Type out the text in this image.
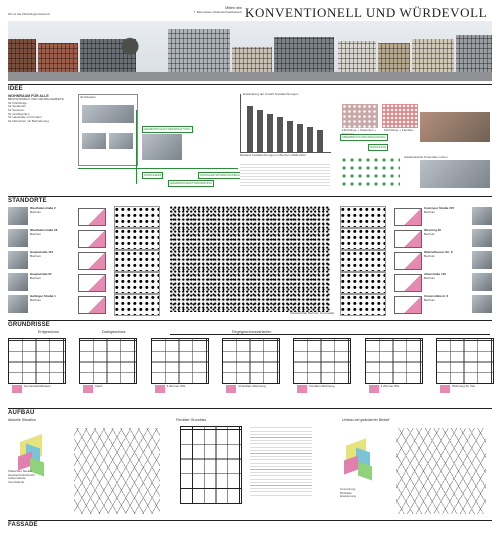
Wo ist die Flüchtlingsunterkunft
Mitten drin
7. Baumeister-Studentenwettbewerb KONVENTIONELL UND WÜRDEVOLL
IDEE
WOHNRAUM FÜR ALLE
BESTANDSBAU UND NEUBAUGEBIETE
für Flüchtlinge
für Studenten
für Senioren
für Großfamilien
für Haushalte mit Kindern
für Menschen mit Behinderung
Ist-Situation
GEMEINSCHAFTSEINRICHTUNG
SOZIALER WOHNUNGSBAU
WOHNHEIM
GEMEINSCHAFTSWOHNUNG
Entwicklung der Anzahl Sozialwohnungen
Bestand Sozialwohnungen in Bochum 2006-2014
ÜBERBRÜCKUNGSWOHNUNG
Flüchtlinge + Studenten + Senioren
Flüchtlinge + Familien
WOHNUNG
städtebauliche Potentiale nutzen
STANDORTE
Westfalenstraße 2
Bochum
Westfalenstraße 18
Bochum
Hauptstraße 112
Bochum
Hauptstraße 97
Bochum
Hattinger Straße 1
Bochum
Castroper Straße 207
Bochum
Westring 46
Bochum
Wiemelhauser Str. 8
Bochum
Alleestraße 116
Bochum
Universitätsstr. 6
Bochum
Schwarzplan Bochum Innenstadt
GRUNDRISSE
Erdgeschoss	Dachgeschoss	Regelgeschossvarianten
Gemeinschaftsraum	Dach	4 Zimmer WG	4 Familien-Wohnung	Familien-Wohnung	4 Zimmer WG	Wohnung für Vier
AUFBAU
Aktuelle Situation	Flexibler Grundriss	Umbau bei geänderter Bedarf
Statisches Skelett
Haustechnikschacht
Außenwände
Innenwände
Umnutzung
Rückbau
Erweiterung
FASSADE
